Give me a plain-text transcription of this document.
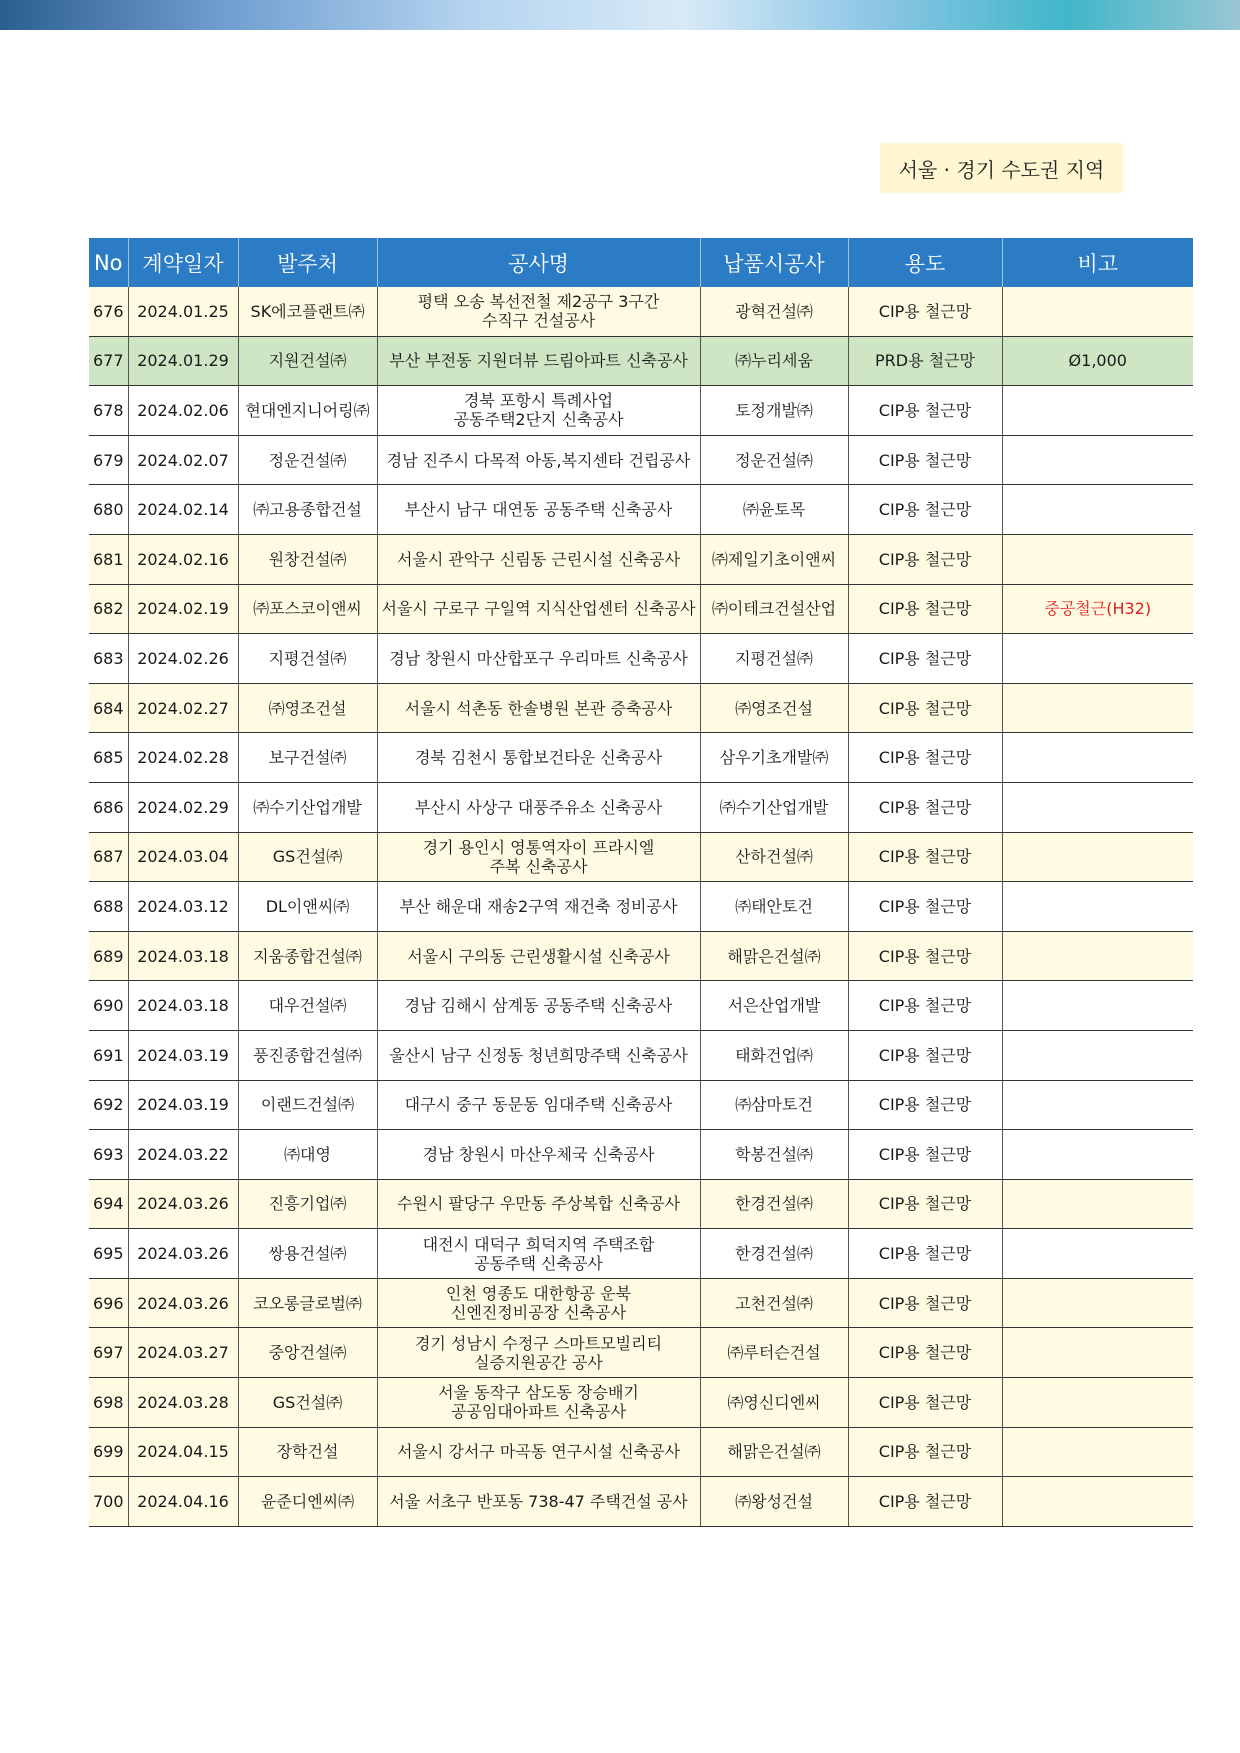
서울 · 경기 수도권 지역
No	계약일자	발주처	공사명	납품시공사	용도	비고
676	2024.01.25	SK에코플랜트㈜	평택 오송 복선전철 제2공구 3구간
수직구 건설공사	광혁건설㈜	CIP용 철근망	
677	2024.01.29	지원건설㈜	부산 부전동 지원더뷰 드림아파트 신축공사	㈜누리세움	PRD용 철근망	Ø1,000
678	2024.02.06	현대엔지니어링㈜	경북 포항시 특례사업
공동주택2단지 신축공사	토정개발㈜	CIP용 철근망	
679	2024.02.07	정운건설㈜	경남 진주시 다목적 아동,복지센타 건립공사	정운건설㈜	CIP용 철근망	
680	2024.02.14	㈜고용종합건설	부산시 남구 대연동 공동주택 신축공사	㈜윤토목	CIP용 철근망	
681	2024.02.16	원창건설㈜	서울시 관악구 신림동 근린시설 신축공사	㈜제일기초이앤씨	CIP용 철근망	
682	2024.02.19	㈜포스코이앤씨	서울시 구로구 구일역 지식산업센터 신축공사	㈜이테크건설산업	CIP용 철근망	중공철근(H32)
683	2024.02.26	지평건설㈜	경남 창원시 마산합포구 우리마트 신축공사	지평건설㈜	CIP용 철근망	
684	2024.02.27	㈜영조건설	서울시 석촌동 한솔병원 본관 증축공사	㈜영조건설	CIP용 철근망	
685	2024.02.28	보구건설㈜	경북 김천시 통합보건타운 신축공사	삼우기초개발㈜	CIP용 철근망	
686	2024.02.29	㈜수기산업개발	부산시 사상구 대풍주유소 신축공사	㈜수기산업개발	CIP용 철근망	
687	2024.03.04	GS건설㈜	경기 용인시 영통역자이 프라시엘
주복 신축공사	산하건설㈜	CIP용 철근망	
688	2024.03.12	DL이앤씨㈜	부산 해운대 재송2구역 재건축 정비공사	㈜태안토건	CIP용 철근망	
689	2024.03.18	지움종합건설㈜	서울시 구의동 근린생활시설 신축공사	해맑은건설㈜	CIP용 철근망	
690	2024.03.18	대우건설㈜	경남 김해시 삼계동 공동주택 신축공사	서은산업개발	CIP용 철근망	
691	2024.03.19	풍진종합건설㈜	울산시 남구 신정동 청년희망주택 신축공사	태화건업㈜	CIP용 철근망	
692	2024.03.19	이랜드건설㈜	대구시 중구 동문동 임대주택 신축공사	㈜삼마토건	CIP용 철근망	
693	2024.03.22	㈜대영	경남 창원시 마산우체국 신축공사	학봉건설㈜	CIP용 철근망	
694	2024.03.26	진흥기업㈜	수원시 팔당구 우만동 주상복합 신축공사	한경건설㈜	CIP용 철근망	
695	2024.03.26	쌍용건설㈜	대전시 대덕구 희덕지역 주택조합
공동주택 신축공사	한경건설㈜	CIP용 철근망	
696	2024.03.26	코오롱글로벌㈜	인천 영종도 대한항공 운북
신엔진정비공장 신축공사	고천건설㈜	CIP용 철근망	
697	2024.03.27	중앙건설㈜	경기 성남시 수정구 스마트모빌리티
실증지원공간 공사	㈜루터슨건설	CIP용 철근망	
698	2024.03.28	GS건설㈜	서울 동작구 삼도동 장승배기
공공임대아파트 신축공사	㈜영신디엔씨	CIP용 철근망	
699	2024.04.15	장학건설	서울시 강서구 마곡동 연구시설 신축공사	해맑은건설㈜	CIP용 철근망	
700	2024.04.16	윤준디엔씨㈜	서울 서초구 반포동 738-47 주택건설 공사	㈜왕성건설	CIP용 철근망	
